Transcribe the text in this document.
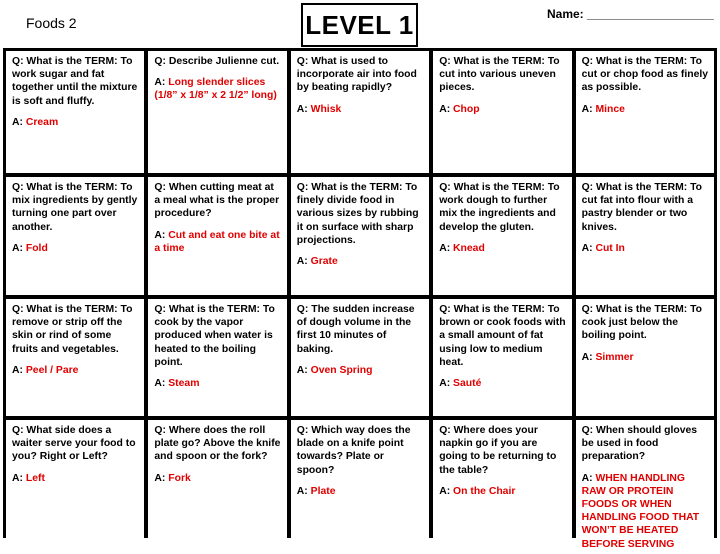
Foods 2	LEVEL 1	Name: ___________________

Q: What is the TERM: To work sugar and fat together until the mixture is soft and fluffy.

A: Cream

Q: Describe Julienne cut.

A: Long slender slices (1/8” x 1/8” x 2 1/2” long)

Q: What is used to incorporate air into food by beating rapidly?

A: Whisk

Q: What is the TERM: To cut into various uneven pieces.

A: Chop

Q: What is the TERM: To cut or chop food as finely as possible.

A: Mince

Q: What is the TERM: To mix ingredients by gently turning one part over another.

A: Fold

Q: When cutting meat at a meal what is the proper procedure?

A: Cut and eat one bite at a time

Q: What is the TERM: To finely divide food in various sizes by rubbing it on surface with sharp projections.

A: Grate

Q: What is the TERM: To work dough to further mix the ingredients and develop the gluten.

A: Knead

Q: What is the TERM: To cut fat into flour with a pastry blender or two knives.

A: Cut In

Q: What is the TERM: To remove or strip off the skin or rind of some fruits and vegetables.

A: Peel / Pare

Q: What is the TERM: To cook by the vapor produced when water is heated to the boiling point.

A: Steam

Q: The sudden increase of dough volume in the first 10 minutes of baking.

A: Oven Spring

Q: What is the TERM: To brown or cook foods with a small amount of fat using low to medium heat.

A: Sauté

Q: What is the TERM: To cook just below the boiling point.

A: Simmer

Q: What side does a waiter serve your food to you? Right or Left?

A: Left

Q: Where does the roll plate go? Above the knife and spoon or the fork?

A: Fork

Q: Which way does the blade on a knife point towards? Plate or spoon?

A: Plate

Q: Where does your napkin go if you are going to be returning to the table?

A: On the Chair

Q: When should gloves be used in food preparation?

A: WHEN HANDLING RAW OR PROTEIN FOODS OR WHEN HANDLING FOOD THAT WON’T BE HEATED BEFORE SERVING
